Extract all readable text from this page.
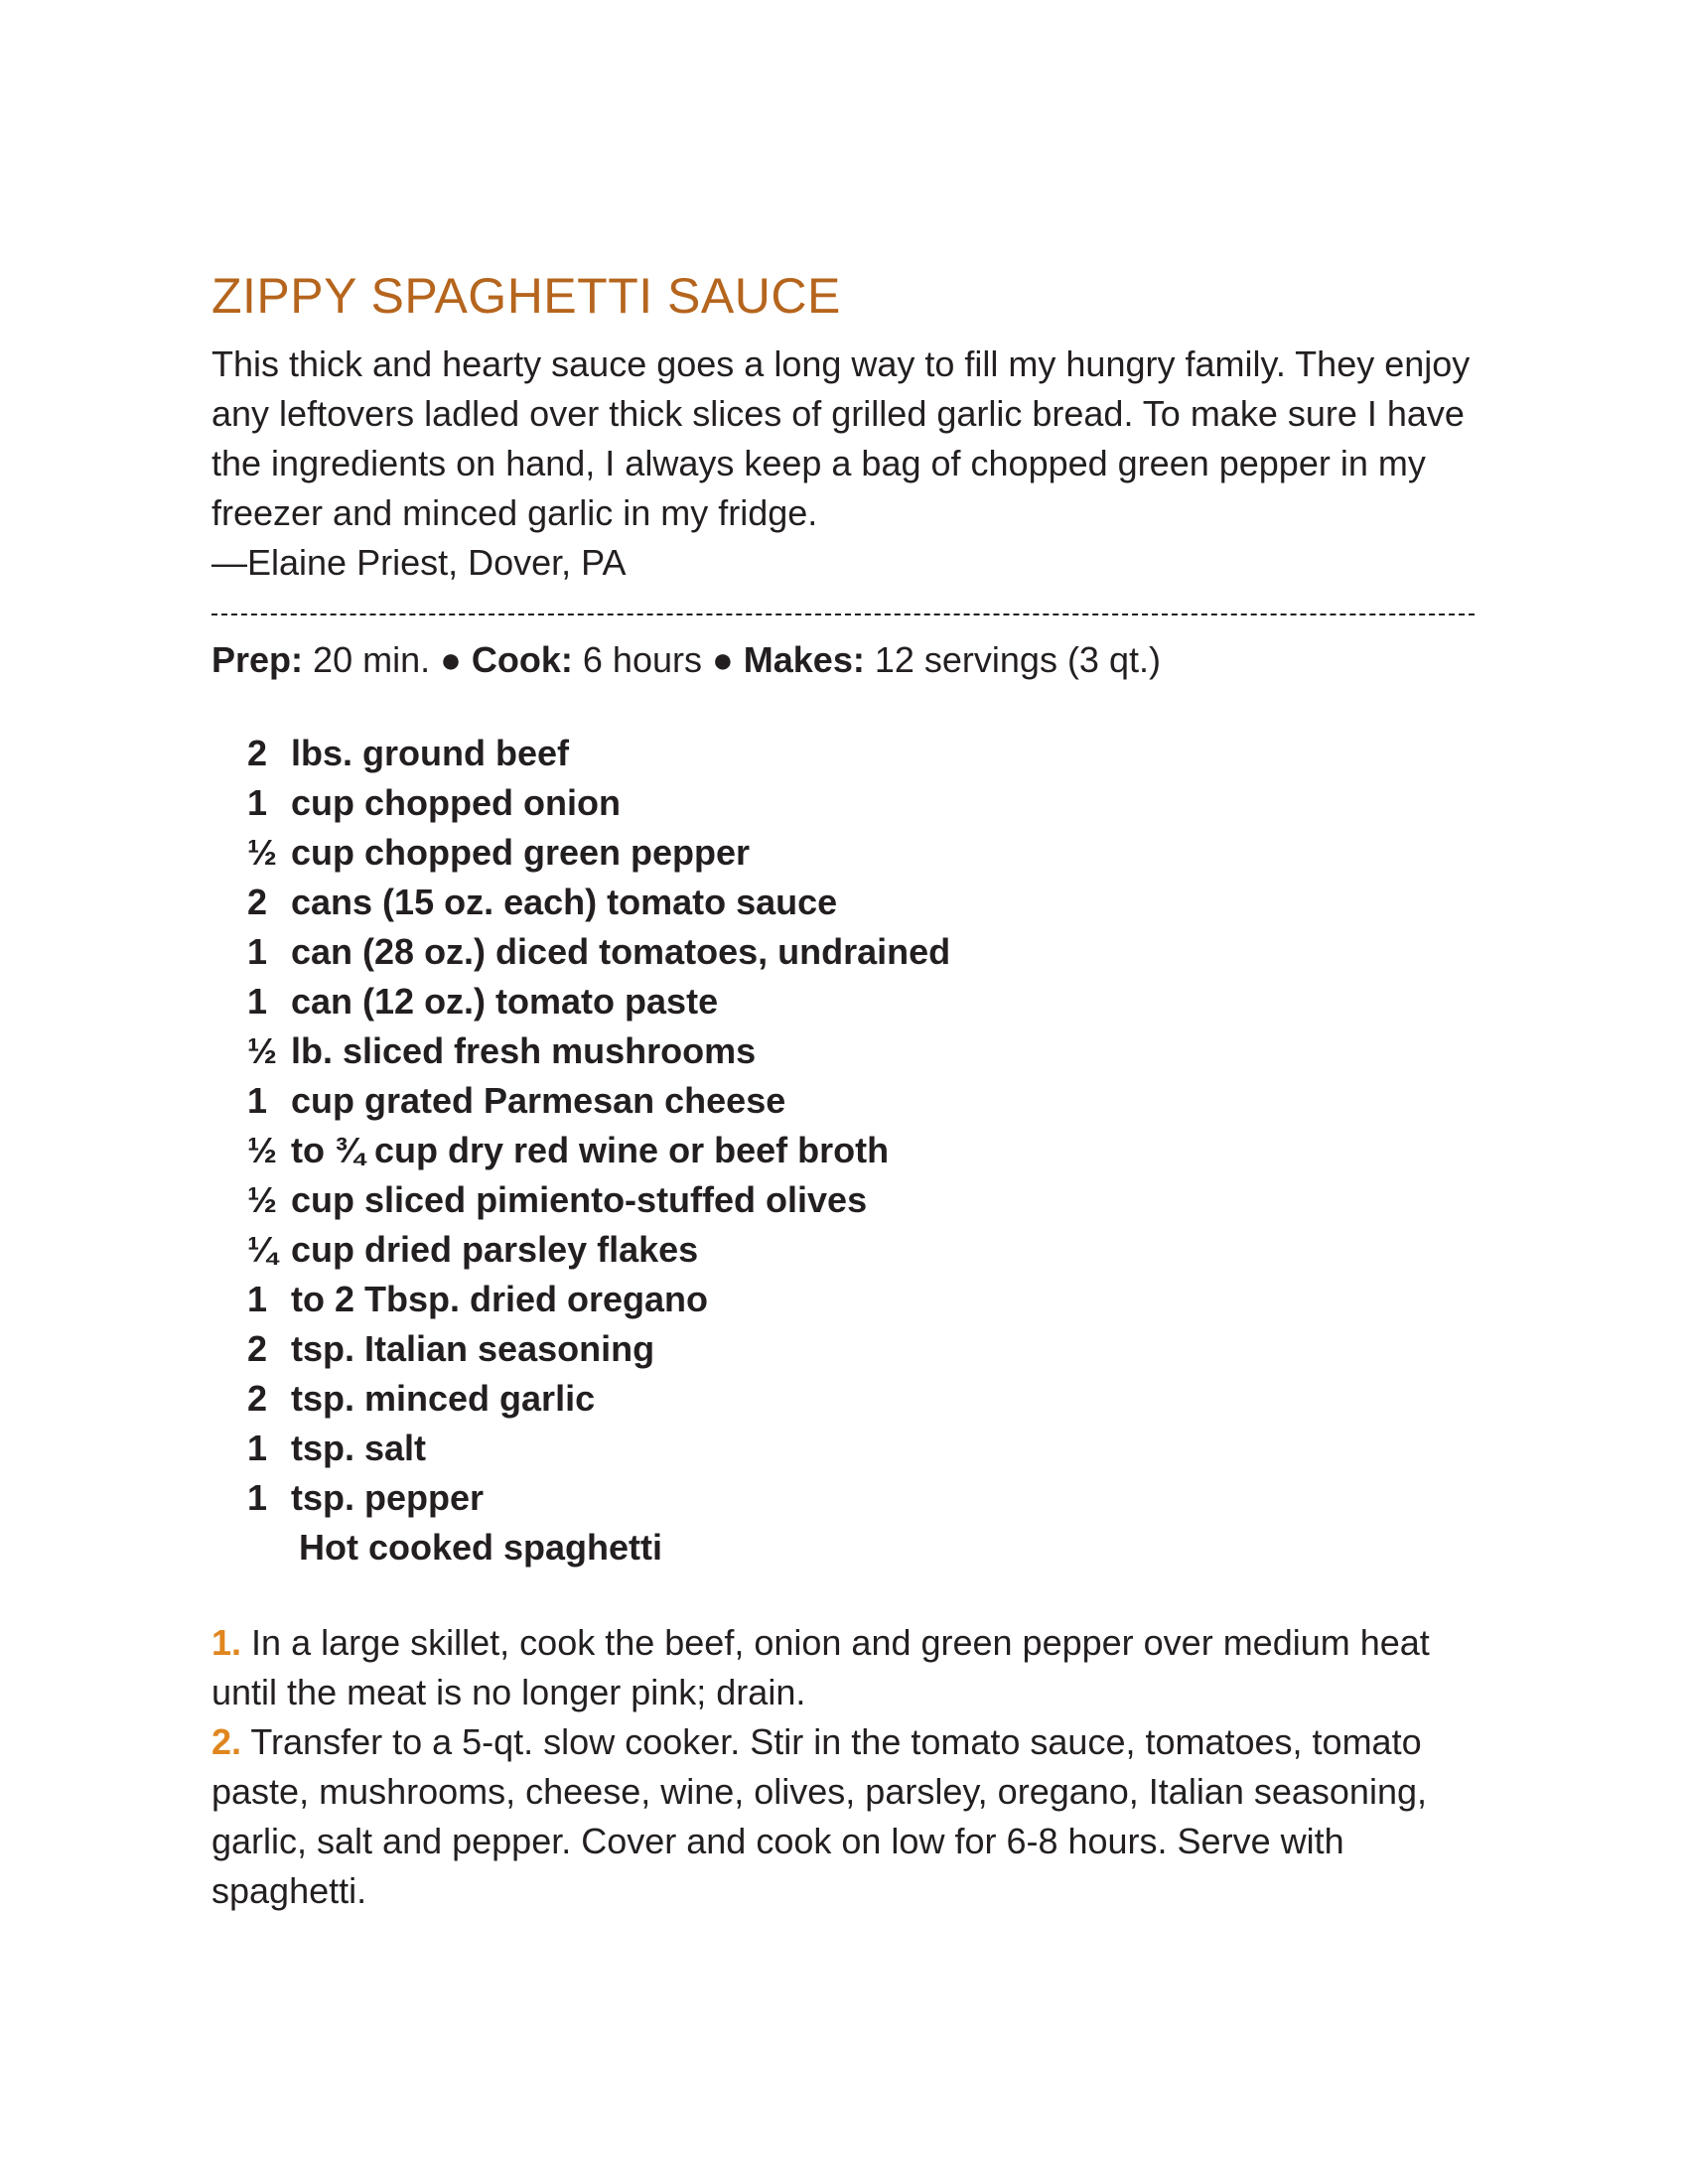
ZIPPY SPAGHETTI SAUCE

This thick and hearty sauce goes a long way to fill my hungry family. They enjoy any leftovers ladled over thick slices of grilled garlic bread. To make sure I have the ingredients on hand, I always keep a bag of chopped green pepper in my freezer and minced garlic in my fridge.

—Elaine Priest, Dover, PA

Prep: 20 min. ● Cook: 6 hours ● Makes: 12 servings (3 qt.)
2 lbs. ground beef
1 cup chopped onion
½ cup chopped green pepper
2 cans (15 oz. each) tomato sauce
1 can (28 oz.) diced tomatoes, undrained
1 can (12 oz.) tomato paste
½ lb. sliced fresh mushrooms
1 cup grated Parmesan cheese
½ to ¾ cup dry red wine or beef broth
½ cup sliced pimiento-stuffed olives
¼ cup dried parsley flakes
1 to 2 Tbsp. dried oregano
2 tsp. Italian seasoning
2 tsp. minced garlic
1 tsp. salt
1 tsp. pepper
Hot cooked spaghetti

1. In a large skillet, cook the beef, onion and green pepper over medium heat until the meat is no longer pink; drain.

2. Transfer to a 5-qt. slow cooker. Stir in the tomato sauce, tomatoes, tomato paste, mushrooms, cheese, wine, olives, parsley, oregano, Italian seasoning, garlic, salt and pepper. Cover and cook on low for 6-8 hours. Serve with spaghetti.
